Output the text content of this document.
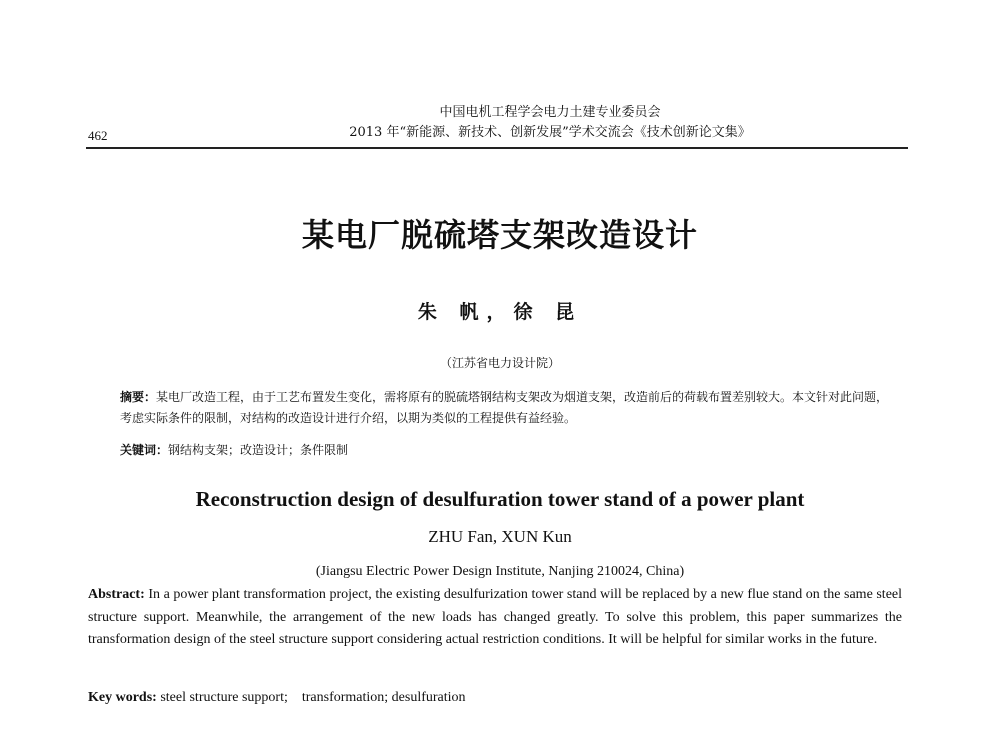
中国电机工程学会电力土建专业委员会
462	2013 年“新能源、新技术、创新发展”学术交流会《技术创新论文集》
某电厂脱硫塔支架改造设计
朱 帆，徐 昆
（江苏省电力设计院）
摘要：某电厂改造工程，由于工艺布置发生变化，需将原有的脱硫塔钢结构支架改为烟道支架，改造前后的荷载布置差别较大。本文针对此问题，考虑实际条件的限制，对结构的改造设计进行介绍，以期为类似的工程提供有益经验。
关键词：钢结构支架；改造设计；条件限制
Reconstruction design of desulfuration tower stand of a power plant
ZHU Fan, XUN Kun
(Jiangsu Electric Power Design Institute, Nanjing 210024, China)
Abstract: In a power plant transformation project, the existing desulfurization tower stand will be replaced by a new flue stand on the same steel structure support. Meanwhile, the arrangement of the new loads has changed greatly. To solve this problem, this paper summarizes the transformation design of the steel structure support considering actual restriction conditions. It will be helpful for similar works in the future.
Key words: steel structure support; transformation; desulfuration
